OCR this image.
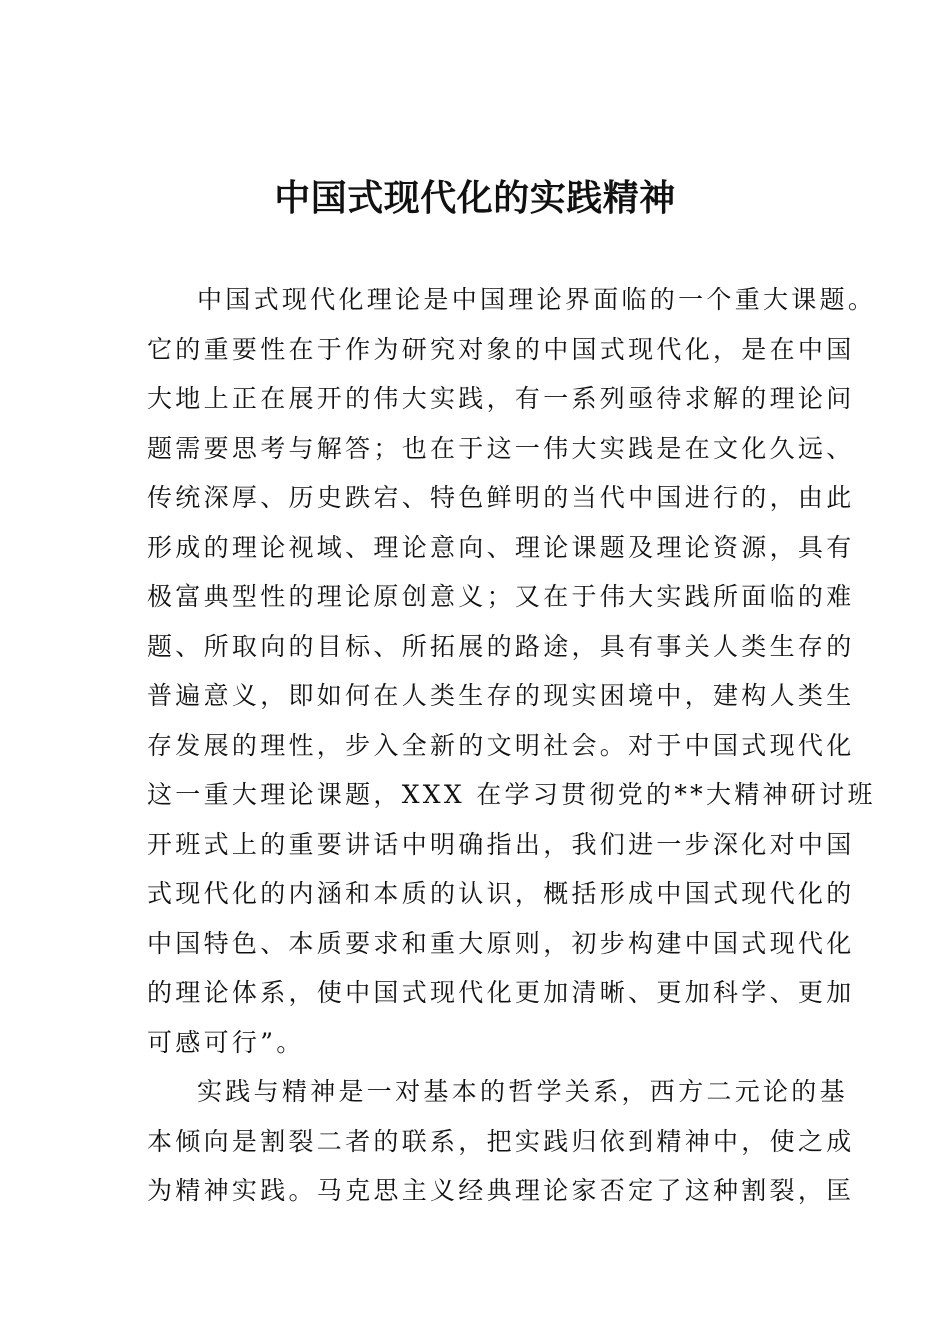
中国式现代化的实践精神
中国式现代化理论是中国理论界面临的一个重大课题。
它的重要性在于作为研究对象的中国式现代化，是在中国
大地上正在展开的伟大实践，有一系列亟待求解的理论问
题需要思考与解答；也在于这一伟大实践是在文化久远、
传统深厚、历史跌宕、特色鲜明的当代中国进行的，由此
形成的理论视域、理论意向、理论课题及理论资源，具有
极富典型性的理论原创意义；又在于伟大实践所面临的难
题、所取向的目标、所拓展的路途，具有事关人类生存的
普遍意义，即如何在人类生存的现实困境中，建构人类生
存发展的理性，步入全新的文明社会。对于中国式现代化
这一重大理论课题，XXX 在学习贯彻党的**大精神研讨班
开班式上的重要讲话中明确指出，我们进一步深化对中国
式现代化的内涵和本质的认识，概括形成中国式现代化的
中国特色、本质要求和重大原则，初步构建中国式现代化
的理论体系，使中国式现代化更加清晰、更加科学、更加
可感可行”。
实践与精神是一对基本的哲学关系，西方二元论的基
本倾向是割裂二者的联系，把实践归依到精神中，使之成
为精神实践。马克思主义经典理论家否定了这种割裂，匡
